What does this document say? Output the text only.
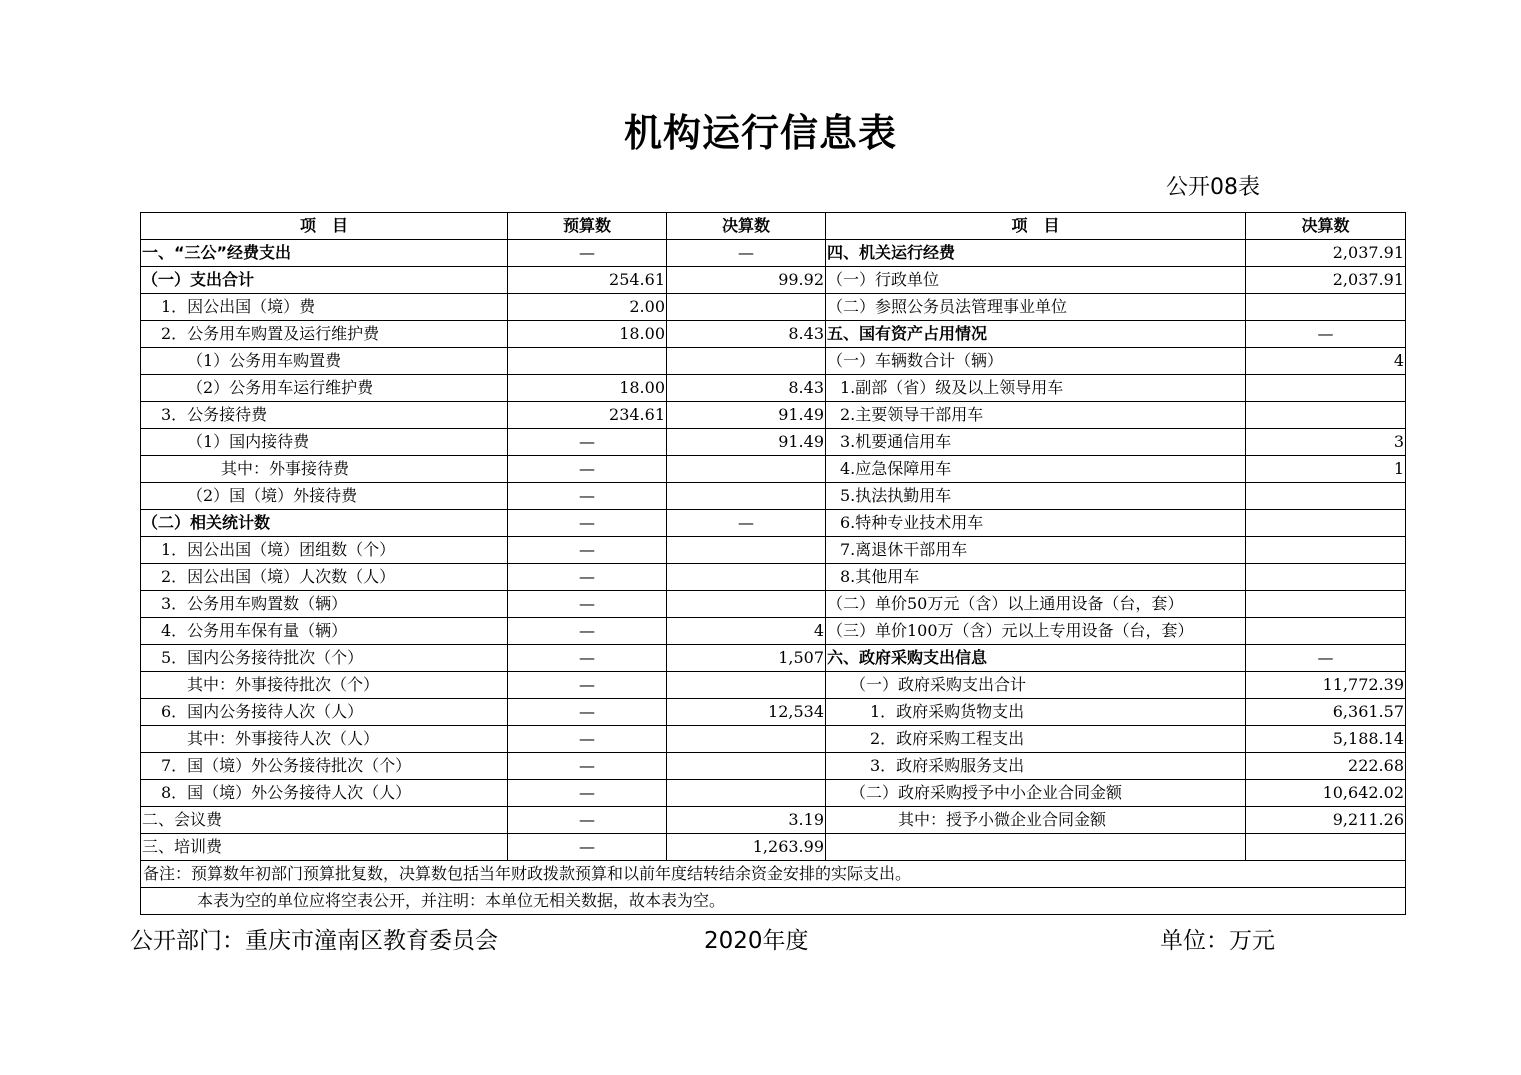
机构运行信息表
公开08表
项　目	预算数	决算数	项　目	决算数
一、“三公”经费支出	—	—	四、机关运行经费	2,037.91
（一）支出合计	254.61	99.92	（一）行政单位	2,037.91
1．因公出国（境）费	2.00		（二）参照公务员法管理事业单位	
2．公务用车购置及运行维护费	18.00	8.43	五、国有资产占用情况	—
（1）公务用车购置费			（一）车辆数合计（辆）	4
（2）公务用车运行维护费	18.00	8.43	1.副部（省）级及以上领导用车	
3．公务接待费	234.61	91.49	2.主要领导干部用车	
（1）国内接待费	—	91.49	3.机要通信用车	3
其中：外事接待费	—		4.应急保障用车	1
（2）国（境）外接待费	—		5.执法执勤用车	
（二）相关统计数	—	—	6.特种专业技术用车	
1．因公出国（境）团组数（个）	—		7.离退休干部用车	
2．因公出国（境）人次数（人）	—		8.其他用车	
3．公务用车购置数（辆）	—		（二）单价50万元（含）以上通用设备（台，套）	
4．公务用车保有量（辆）	—	4	（三）单价100万（含）元以上专用设备（台，套）	
5．国内公务接待批次（个）	—	1,507	六、政府采购支出信息	—
其中：外事接待批次（个）	—		（一）政府采购支出合计	11,772.39
6．国内公务接待人次（人）	—	12,534	1．政府采购货物支出	6,361.57
其中：外事接待人次（人）	—		2．政府采购工程支出	5,188.14
7．国（境）外公务接待批次（个）	—		3．政府采购服务支出	222.68
8．国（境）外公务接待人次（人）	—		（二）政府采购授予中小企业合同金额	10,642.02
二、会议费	—	3.19	其中：授予小微企业合同金额	9,211.26
三、培训费	—	1,263.99		
备注：预算数年初部门预算批复数，决算数包括当年财政拨款预算和以前年度结转结余资金安排的实际支出。				
本表为空的单位应将空表公开，并注明：本单位无相关数据，故本表为空。				
公开部门：重庆市潼南区教育委员会	2020年度	单位：万元
